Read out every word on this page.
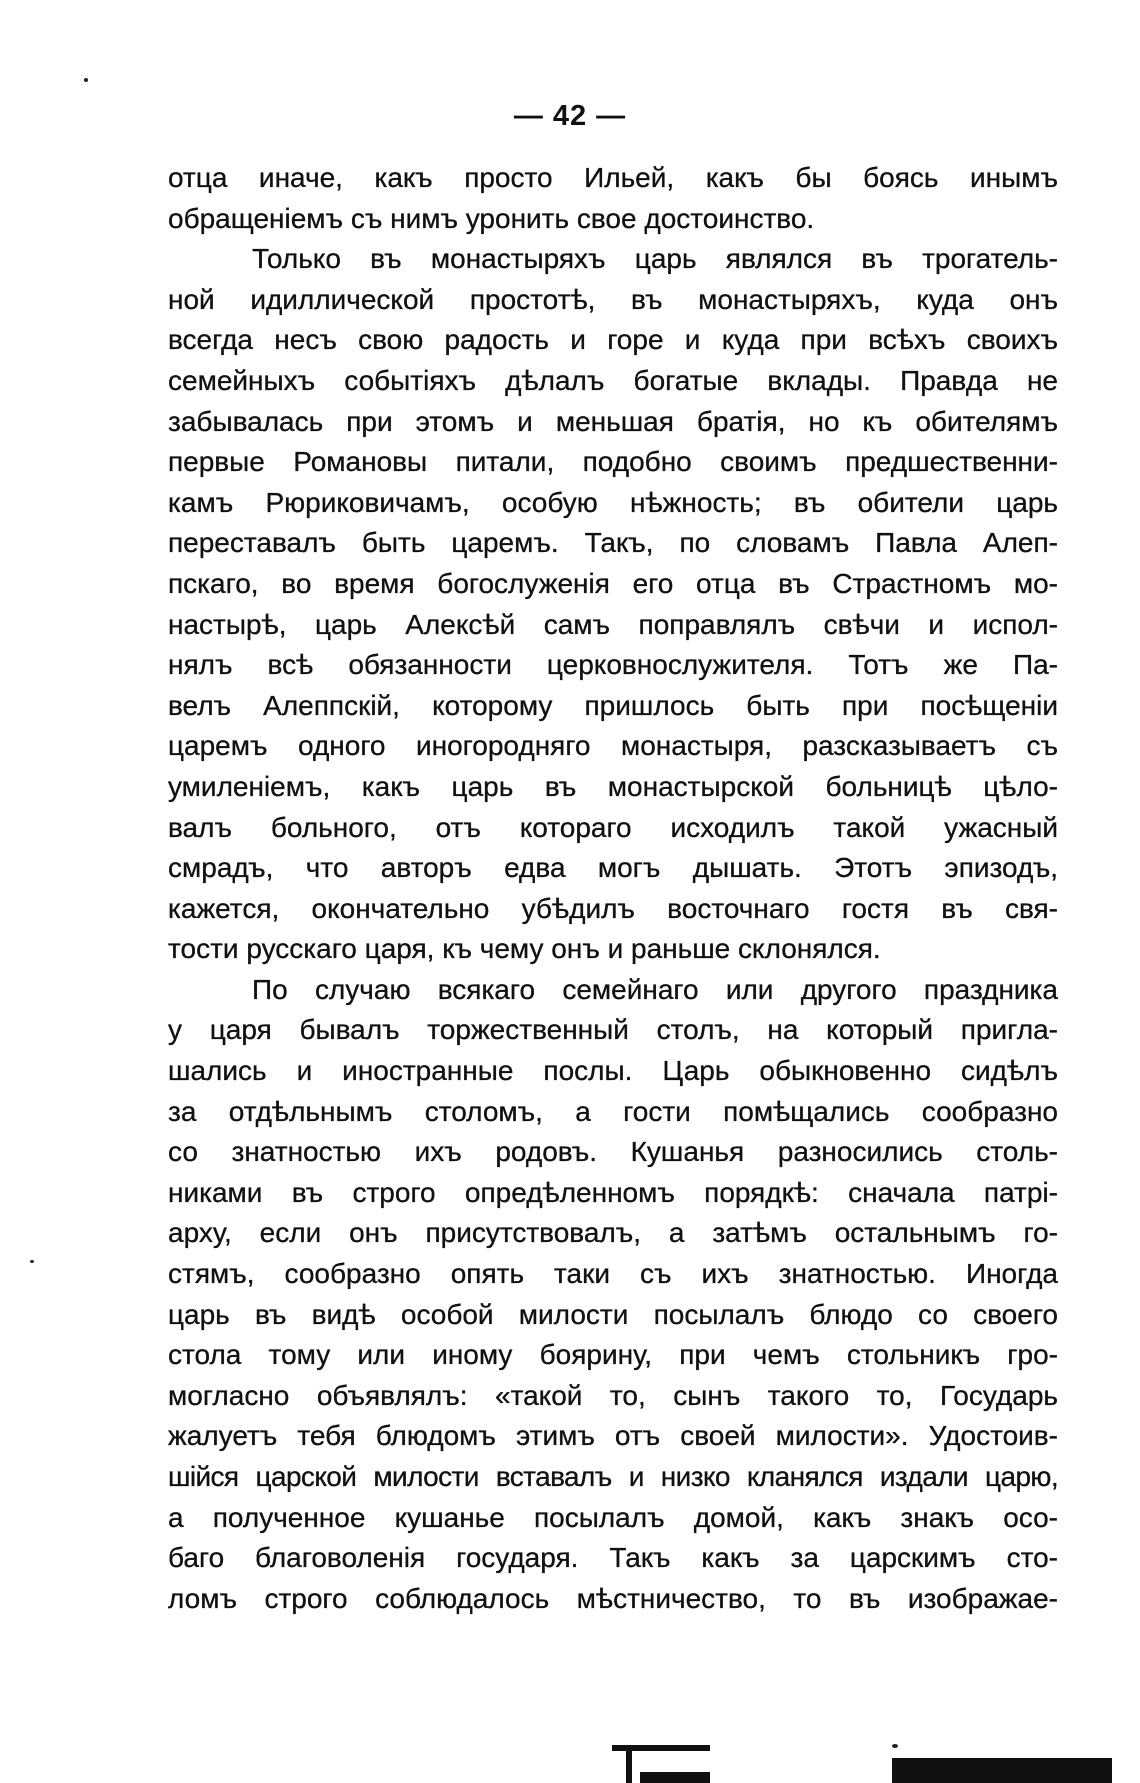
— 42 —
отца иначе, какъ просто Ильей, какъ бы боясь инымъ
обращеніемъ съ нимъ уронить свое достоинство.
Только въ монастыряхъ царь являлся въ трогатель-
ной идиллической простотѣ, въ монастыряхъ, куда онъ
всегда несъ свою радость и горе и куда при всѣхъ своихъ
семейныхъ событіяхъ дѣлалъ богатые вклады. Правда не
забывалась при этомъ и меньшая братія, но къ обителямъ
первые Романовы питали, подобно своимъ предшественни-
камъ Рюриковичамъ, особую нѣжность; въ обители царь
переставалъ быть царемъ. Такъ, по словамъ Павла Алеп-
пскаго, во время богослуженія его отца въ Страстномъ мо-
настырѣ, царь Алексѣй самъ поправлялъ свѣчи и испол-
нялъ всѣ обязанности церковнослужителя. Тотъ же Па-
велъ Алеппскій, которому пришлось быть при посѣщеніи
царемъ одного иногородняго монастыря, разсказываетъ съ
умиленіемъ, какъ царь въ монастырской больницѣ цѣло-
валъ больного, отъ котораго исходилъ такой ужасный
смрадъ, что авторъ едва могъ дышать. Этотъ эпизодъ,
кажется, окончательно убѣдилъ восточнаго гостя въ свя-
тости русскаго царя, къ чему онъ и раньше склонялся.
По случаю всякаго семейнаго или другого праздника
у царя бывалъ торжественный столъ, на который пригла-
шались и иностранные послы. Царь обыкновенно сидѣлъ
за отдѣльнымъ столомъ, а гости помѣщались сообразно
со знатностью ихъ родовъ. Кушанья разносились столь-
никами въ строго опредѣленномъ порядкѣ: сначала патрі-
арху, если онъ присутствовалъ, а затѣмъ остальнымъ го-
стямъ, сообразно опять таки съ ихъ знатностью. Иногда
царь въ видѣ особой милости посылалъ блюдо со своего
стола тому или иному боярину, при чемъ стольникъ гро-
могласно объявлялъ: «такой то, сынъ такого то, Государь
жалуетъ тебя блюдомъ этимъ отъ своей милости». Удостоив-
шійся царской милости вставалъ и низко кланялся издали царю,
а полученное кушанье посылалъ домой, какъ знакъ осо-
баго благоволенія государя. Такъ какъ за царскимъ сто-
ломъ строго соблюдалось мѣстничество, то въ изображае-
